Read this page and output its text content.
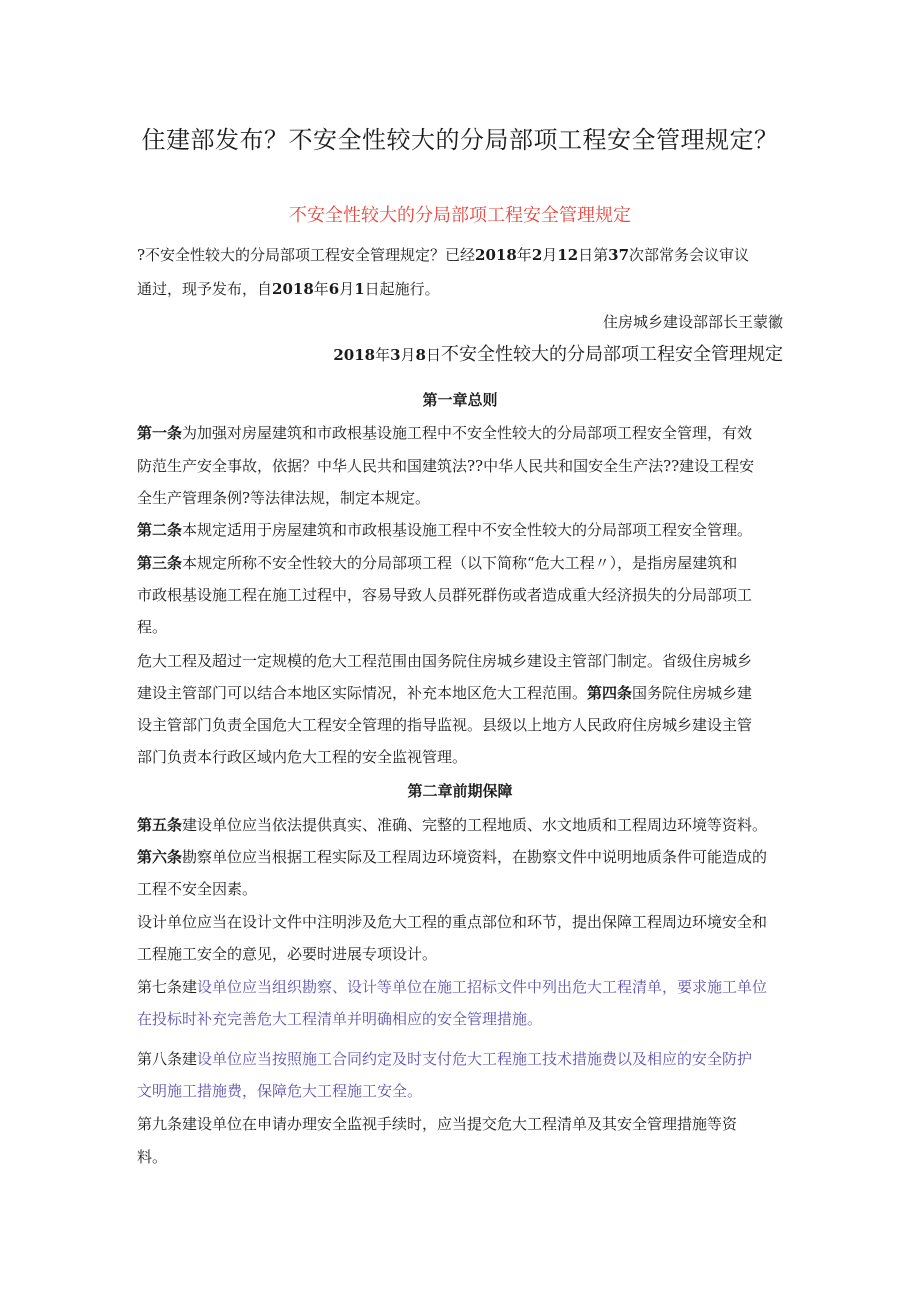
住建部发布？不安全性较大的分局部项工程安全管理规定？
不安全性较大的分局部项工程安全管理规定
?不安全性较大的分局部项工程安全管理规定？已经2018年2月12日第37次部常务会议审议
通过，现予发布，自2018年6月1日起施行。
住房城乡建设部部长王蒙徽
2018年3月8日不安全性较大的分局部项工程安全管理规定
第一章总则
第一条为加强对房屋建筑和市政根基设施工程中不安全性较大的分局部项工程安全管理，有效
防范生产安全事故，依据？中华人民共和国建筑法??中华人民共和国安全生产法??建设工程安
全生产管理条例?等法律法规，制定本规定。
第二条本规定适用于房屋建筑和市政根基设施工程中不安全性较大的分局部项工程安全管理。
第三条本规定所称不安全性较大的分局部项工程（以下简称“危大工程〃），是指房屋建筑和
市政根基设施工程在施工过程中，容易导致人员群死群伤或者造成重大经济损失的分局部项工
程。
危大工程及超过一定规模的危大工程范围由国务院住房城乡建设主管部门制定。省级住房城乡
建设主管部门可以结合本地区实际情况，补充本地区危大工程范围。第四条国务院住房城乡建
设主管部门负责全国危大工程安全管理的指导监视。县级以上地方人民政府住房城乡建设主管
部门负责本行政区域内危大工程的安全监视管理。
第二章前期保障
第五条建设单位应当依法提供真实、准确、完整的工程地质、水文地质和工程周边环境等资料。
第六条勘察单位应当根据工程实际及工程周边环境资料，在勘察文件中说明地质条件可能造成的
工程不安全因素。
设计单位应当在设计文件中注明涉及危大工程的重点部位和环节，提出保障工程周边环境安全和
工程施工安全的意见，必要时进展专项设计。
第七条建设单位应当组织勘察、设计等单位在施工招标文件中列出危大工程清单，要求施工单位
在投标时补充完善危大工程清单并明确相应的安全管理措施。
第八条建设单位应当按照施工合同约定及时支付危大工程施工技术措施费以及相应的安全防护
文明施工措施费，保障危大工程施工安全。
第九条建设单位在申请办理安全监视手续时，应当提交危大工程清单及其安全管理措施等资
料。
